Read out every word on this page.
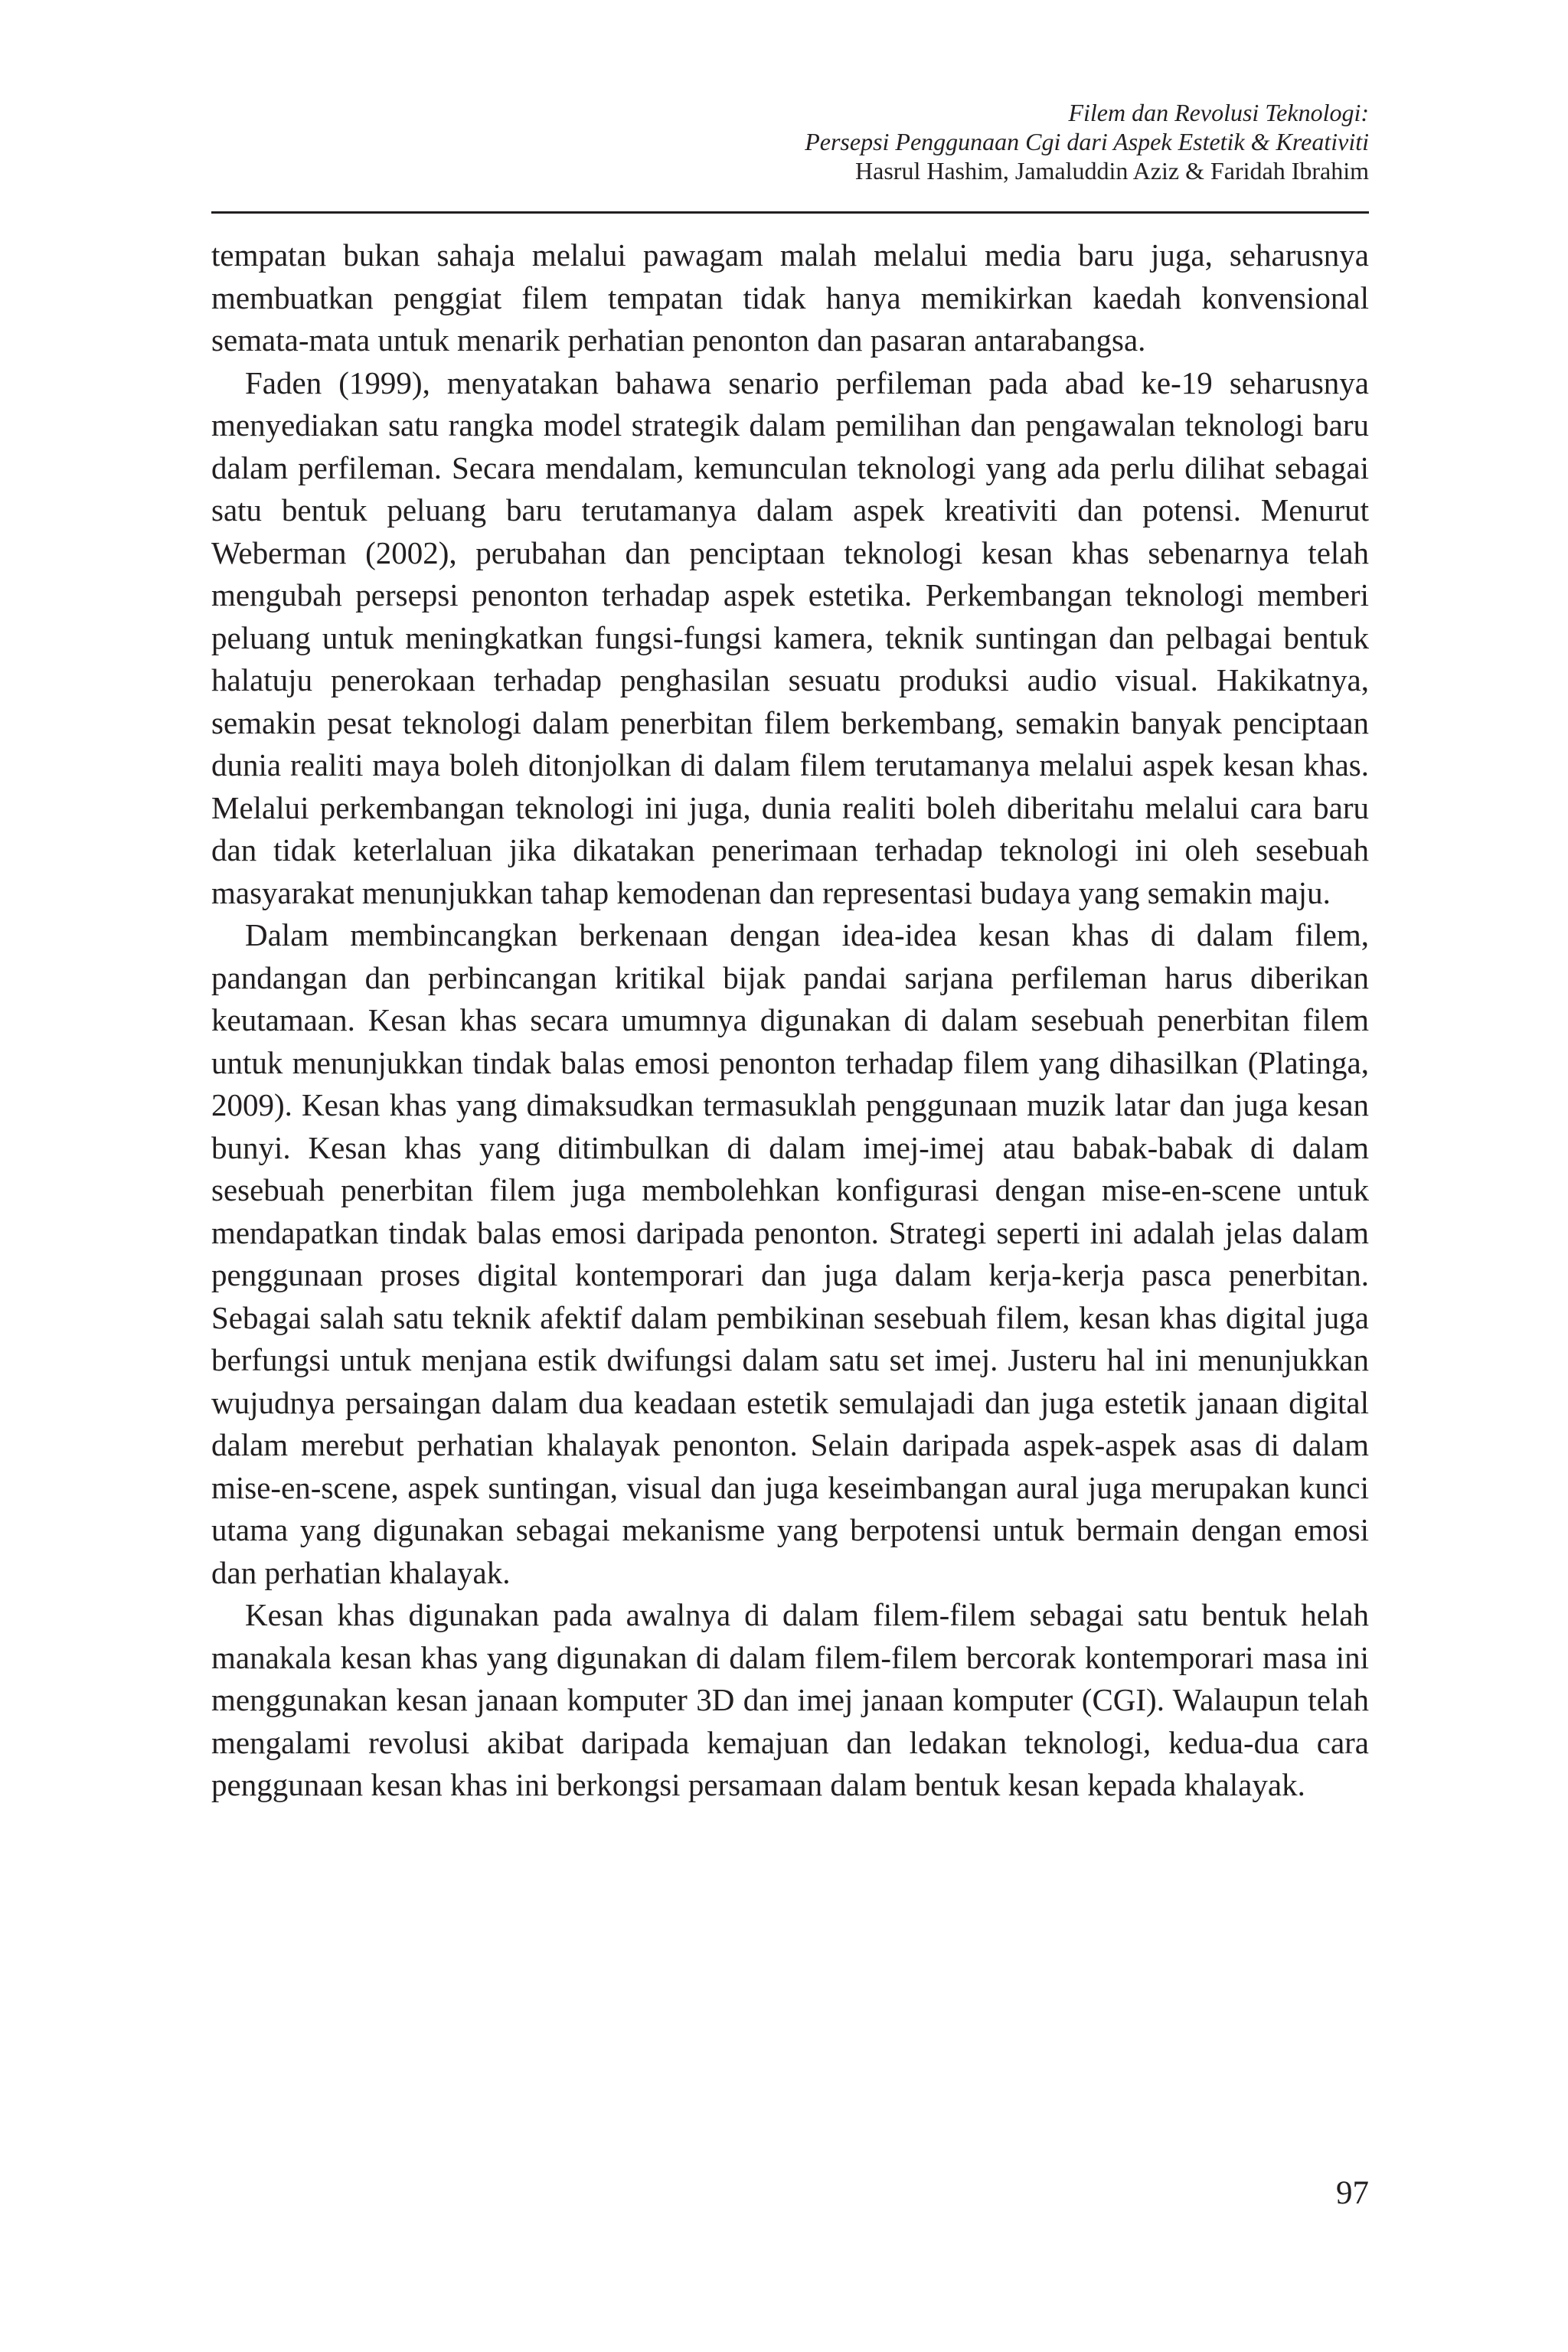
Filem dan Revolusi Teknologi:
Persepsi Penggunaan Cgi dari Aspek Estetik & Kreativiti
Hasrul Hashim, Jamaluddin Aziz & Faridah Ibrahim

tempatan bukan sahaja melalui pawagam malah melalui media baru juga, seharusnya membuatkan penggiat filem tempatan tidak hanya memikirkan kaedah konvensional semata-mata untuk menarik perhatian penonton dan pasaran antarabangsa.

Faden (1999), menyatakan bahawa senario perfileman pada abad ke-19 seharusnya menyediakan satu rangka model strategik dalam pemilihan dan pengawalan teknologi baru dalam perfileman. Secara mendalam, kemunculan teknologi yang ada perlu dilihat sebagai satu bentuk peluang baru terutamanya dalam aspek kreativiti dan potensi. Menurut Weberman (2002), perubahan dan penciptaan teknologi kesan khas sebenarnya telah mengubah persepsi penonton terhadap aspek estetika. Perkembangan teknologi memberi peluang untuk meningkatkan fungsi-fungsi kamera, teknik suntingan dan pelbagai bentuk halatuju penerokaan terhadap penghasilan sesuatu produksi audio visual. Hakikatnya, semakin pesat teknologi dalam penerbitan filem berkembang, semakin banyak penciptaan dunia realiti maya boleh ditonjolkan di dalam filem terutamanya melalui aspek kesan khas. Melalui perkembangan teknologi ini juga, dunia realiti boleh diberitahu melalui cara baru dan tidak keterlaluan jika dikatakan penerimaan terhadap teknologi ini oleh sesebuah masyarakat menunjukkan tahap kemodenan dan representasi budaya yang semakin maju.

Dalam membincangkan berkenaan dengan idea-idea kesan khas di dalam filem, pandangan dan perbincangan kritikal bijak pandai sarjana perfileman harus diberikan keutamaan. Kesan khas secara umumnya digunakan di dalam sesebuah penerbitan filem untuk menunjukkan tindak balas emosi penonton terhadap filem yang dihasilkan (Platinga, 2009). Kesan khas yang dimaksudkan termasuklah penggunaan muzik latar dan juga kesan bunyi. Kesan khas yang ditimbulkan di dalam imej-imej atau babak-babak di dalam sesebuah penerbitan filem juga membolehkan konfigurasi dengan mise-en-scene untuk mendapatkan tindak balas emosi daripada penonton. Strategi seperti ini adalah jelas dalam penggunaan proses digital kontemporari dan juga dalam kerja-kerja pasca penerbitan. Sebagai salah satu teknik afektif dalam pembikinan sesebuah filem, kesan khas digital juga berfungsi untuk menjana estik dwifungsi dalam satu set imej. Justeru hal ini menunjukkan wujudnya persaingan dalam dua keadaan estetik semulajadi dan juga estetik janaan digital dalam merebut perhatian khalayak penonton. Selain daripada aspek-aspek asas di dalam mise-en-scene, aspek suntingan, visual dan juga keseimbangan aural juga merupakan kunci utama yang digunakan sebagai mekanisme yang berpotensi untuk bermain dengan emosi dan perhatian khalayak.

Kesan khas digunakan pada awalnya di dalam filem-filem sebagai satu bentuk helah manakala kesan khas yang digunakan di dalam filem-filem bercorak kontemporari masa ini menggunakan kesan janaan komputer 3D dan imej janaan komputer (CGI). Walaupun telah mengalami revolusi akibat daripada kemajuan dan ledakan teknologi, kedua-dua cara penggunaan kesan khas ini berkongsi persamaan dalam bentuk kesan kepada khalayak.

97
